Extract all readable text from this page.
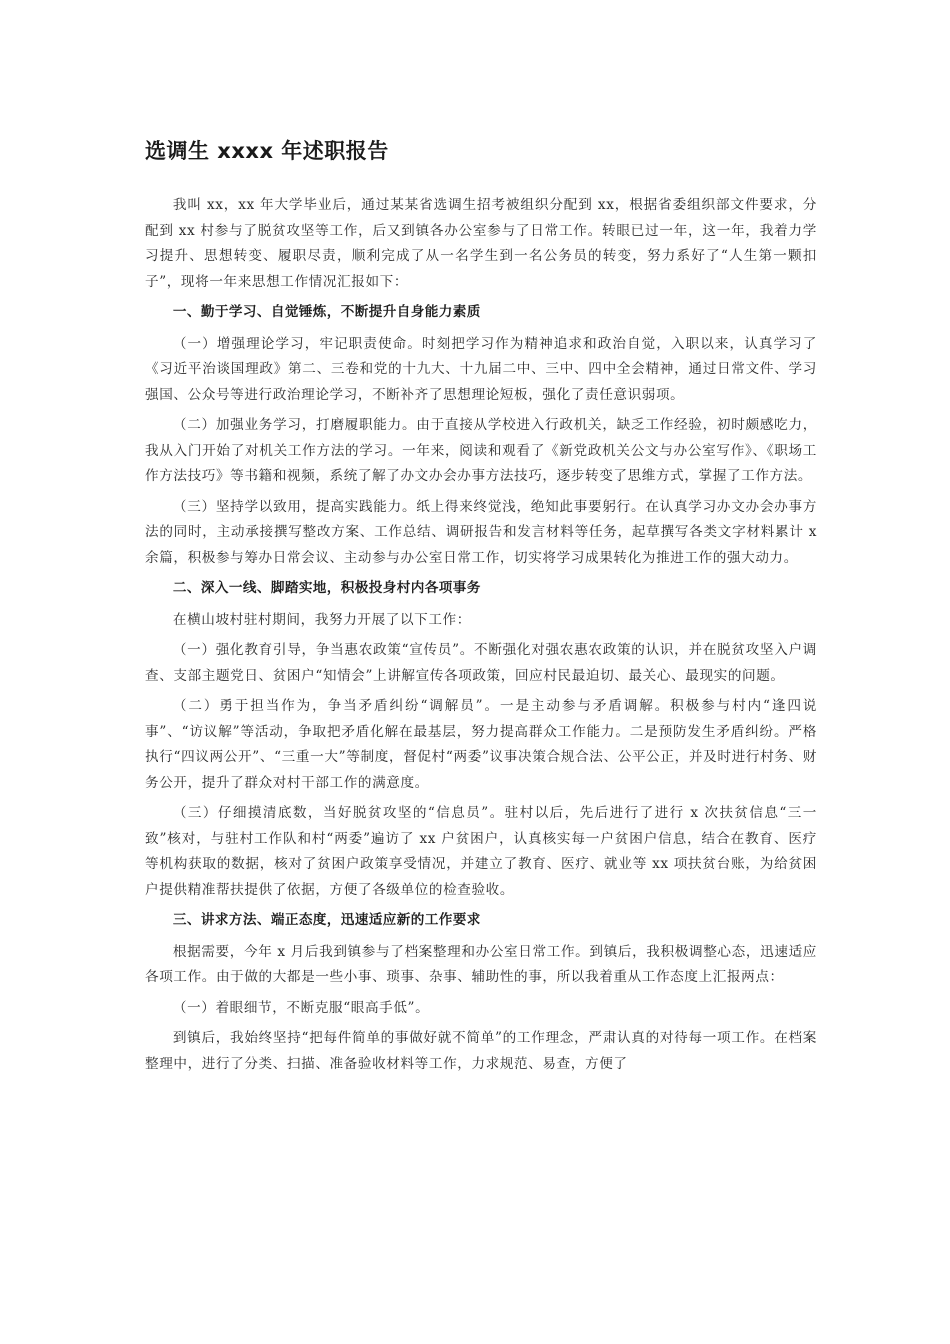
选调生 xxxx 年述职报告

我叫 xx，xx 年大学毕业后，通过某某省选调生招考被组织分配到 xx，根据省委组织部文件要求，分配到 xx 村参与了脱贫攻坚等工作，后又到镇各办公室参与了日常工作。转眼已过一年，这一年，我着力学习提升、思想转变、履职尽责，顺利完成了从一名学生到一名公务员的转变，努力系好了“人生第一颗扣子”，现将一年来思想工作情况汇报如下：

一、勤于学习、自觉锤炼，不断提升自身能力素质

（一）增强理论学习，牢记职责使命。时刻把学习作为精神追求和政治自觉，入职以来，认真学习了《习近平治谈国理政》第二、三卷和党的十九大、十九届二中、三中、四中全会精神，通过日常文件、学习强国、公众号等进行政治理论学习，不断补齐了思想理论短板，强化了责任意识弱项。

（二）加强业务学习，打磨履职能力。由于直接从学校进入行政机关，缺乏工作经验，初时颇感吃力，我从入门开始了对机关工作方法的学习。一年来，阅读和观看了《新党政机关公文与办公室写作》、《职场工作方法技巧》等书籍和视频，系统了解了办文办会办事方法技巧，逐步转变了思维方式，掌握了工作方法。

（三）坚持学以致用，提高实践能力。纸上得来终觉浅，绝知此事要躬行。在认真学习办文办会办事方法的同时，主动承接撰写整改方案、工作总结、调研报告和发言材料等任务，起草撰写各类文字材料累计 x 余篇，积极参与筹办日常会议、主动参与办公室日常工作，切实将学习成果转化为推进工作的强大动力。

二、深入一线、脚踏实地，积极投身村内各项事务

在横山坡村驻村期间，我努力开展了以下工作：

（一）强化教育引导，争当惠农政策“宣传员”。不断强化对强农惠农政策的认识，并在脱贫攻坚入户调查、支部主题党日、贫困户“知情会”上讲解宣传各项政策，回应村民最迫切、最关心、最现实的问题。

（二）勇于担当作为，争当矛盾纠纷“调解员”。一是主动参与矛盾调解。积极参与村内“逢四说事”、“访议解”等活动，争取把矛盾化解在最基层，努力提高群众工作能力。二是预防发生矛盾纠纷。严格执行“四议两公开”、“三重一大”等制度，督促村“两委”议事决策合规合法、公平公正，并及时进行村务、财务公开，提升了群众对村干部工作的满意度。

（三）仔细摸清底数，当好脱贫攻坚的“信息员”。驻村以后，先后进行了进行 x 次扶贫信息“三一致”核对，与驻村工作队和村“两委”遍访了 xx 户贫困户，认真核实每一户贫困户信息，结合在教育、医疗等机构获取的数据，核对了贫困户政策享受情况，并建立了教育、医疗、就业等 xx 项扶贫台账，为给贫困户提供精准帮扶提供了依据，方便了各级单位的检查验收。

三、讲求方法、端正态度，迅速适应新的工作要求

根据需要，今年 x 月后我到镇参与了档案整理和办公室日常工作。到镇后，我积极调整心态，迅速适应各项工作。由于做的大都是一些小事、琐事、杂事、辅助性的事，所以我着重从工作态度上汇报两点：

（一）着眼细节，不断克服“眼高手低”。

到镇后，我始终坚持“把每件简单的事做好就不简单”的工作理念，严肃认真的对待每一项工作。在档案整理中，进行了分类、扫描、准备验收材料等工作，力求规范、易查，方便了
